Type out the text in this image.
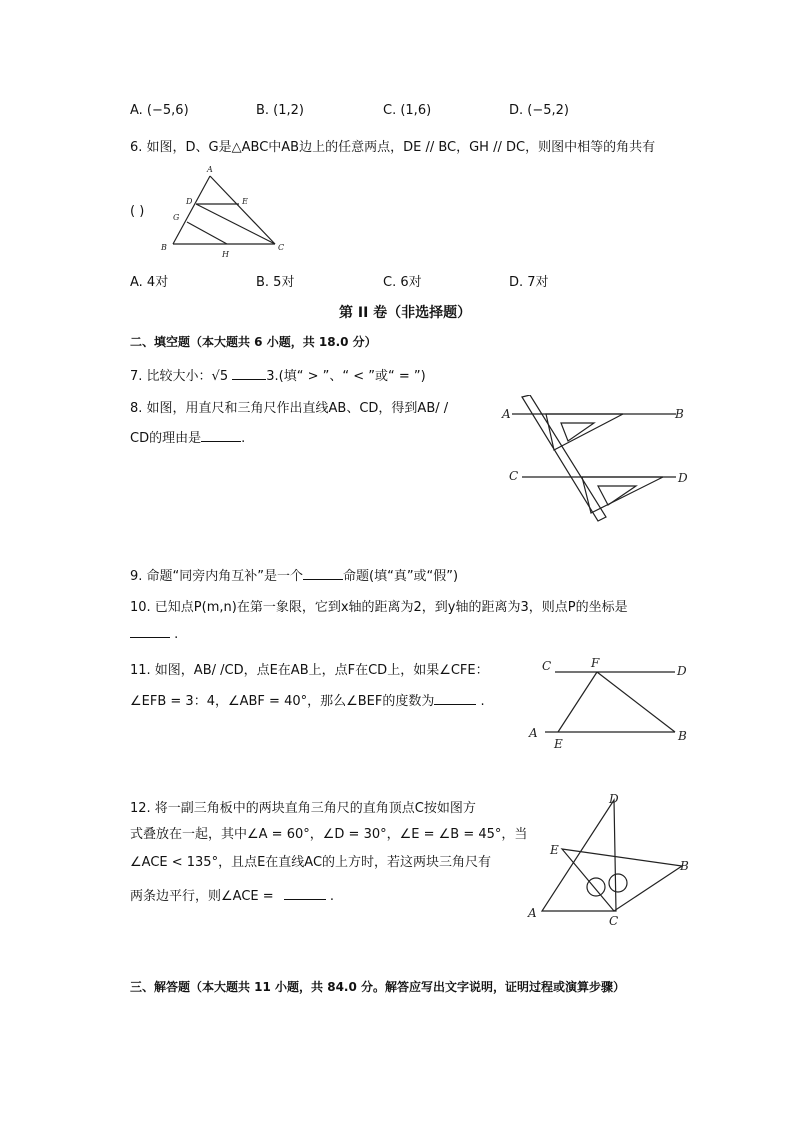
A. (−5,6)	B. (1,2)	C. (1,6)	D. (−5,2)
6. 如图，D、G是△ABC中AB边上的任意两点，DE // BC，GH // DC，则图中相等的角共有
( )
A
D	E
G
B	C
H
A. 4对	B. 5对	C. 6对	D. 7对
第 II 卷（非选择题）
二、填空题（本大题共 6 小题，共 18.0 分）
7. 比较大小：√5	3.(填“ > ”、“ < ”或“ = ”)
8. 如图，用直尺和三角尺作出直线AB、CD，得到AB/ /
CD的理由是	.
A	B
C	D
9. 命题“同旁内角互补”是一个	命题(填“真”或“假”)
10. 已知点P(m,n)在第一象限，它到x轴的距离为2，到y轴的距离为3，则点P的坐标是
.
11. 如图，AB/ /CD，点E在AB上，点F在CD上，如果∠CFE：
∠EFB = 3：4，∠ABF = 40°，那么∠BEF的度数为	.
C	F
D
A
E
B
12. 将一副三角板中的两块直角三角尺的直角顶点C按如图方
式叠放在一起，其中∠A = 60°，∠D = 30°，∠E = ∠B = 45°，当
∠ACE < 135°，且点E在直线AC的上方时，若这两块三角尺有
两条边平行，则∠ACE =	.
D
E
B
A
C
三、解答题（本大题共 11 小题，共 84.0 分。解答应写出文字说明，证明过程或演算步骤）
